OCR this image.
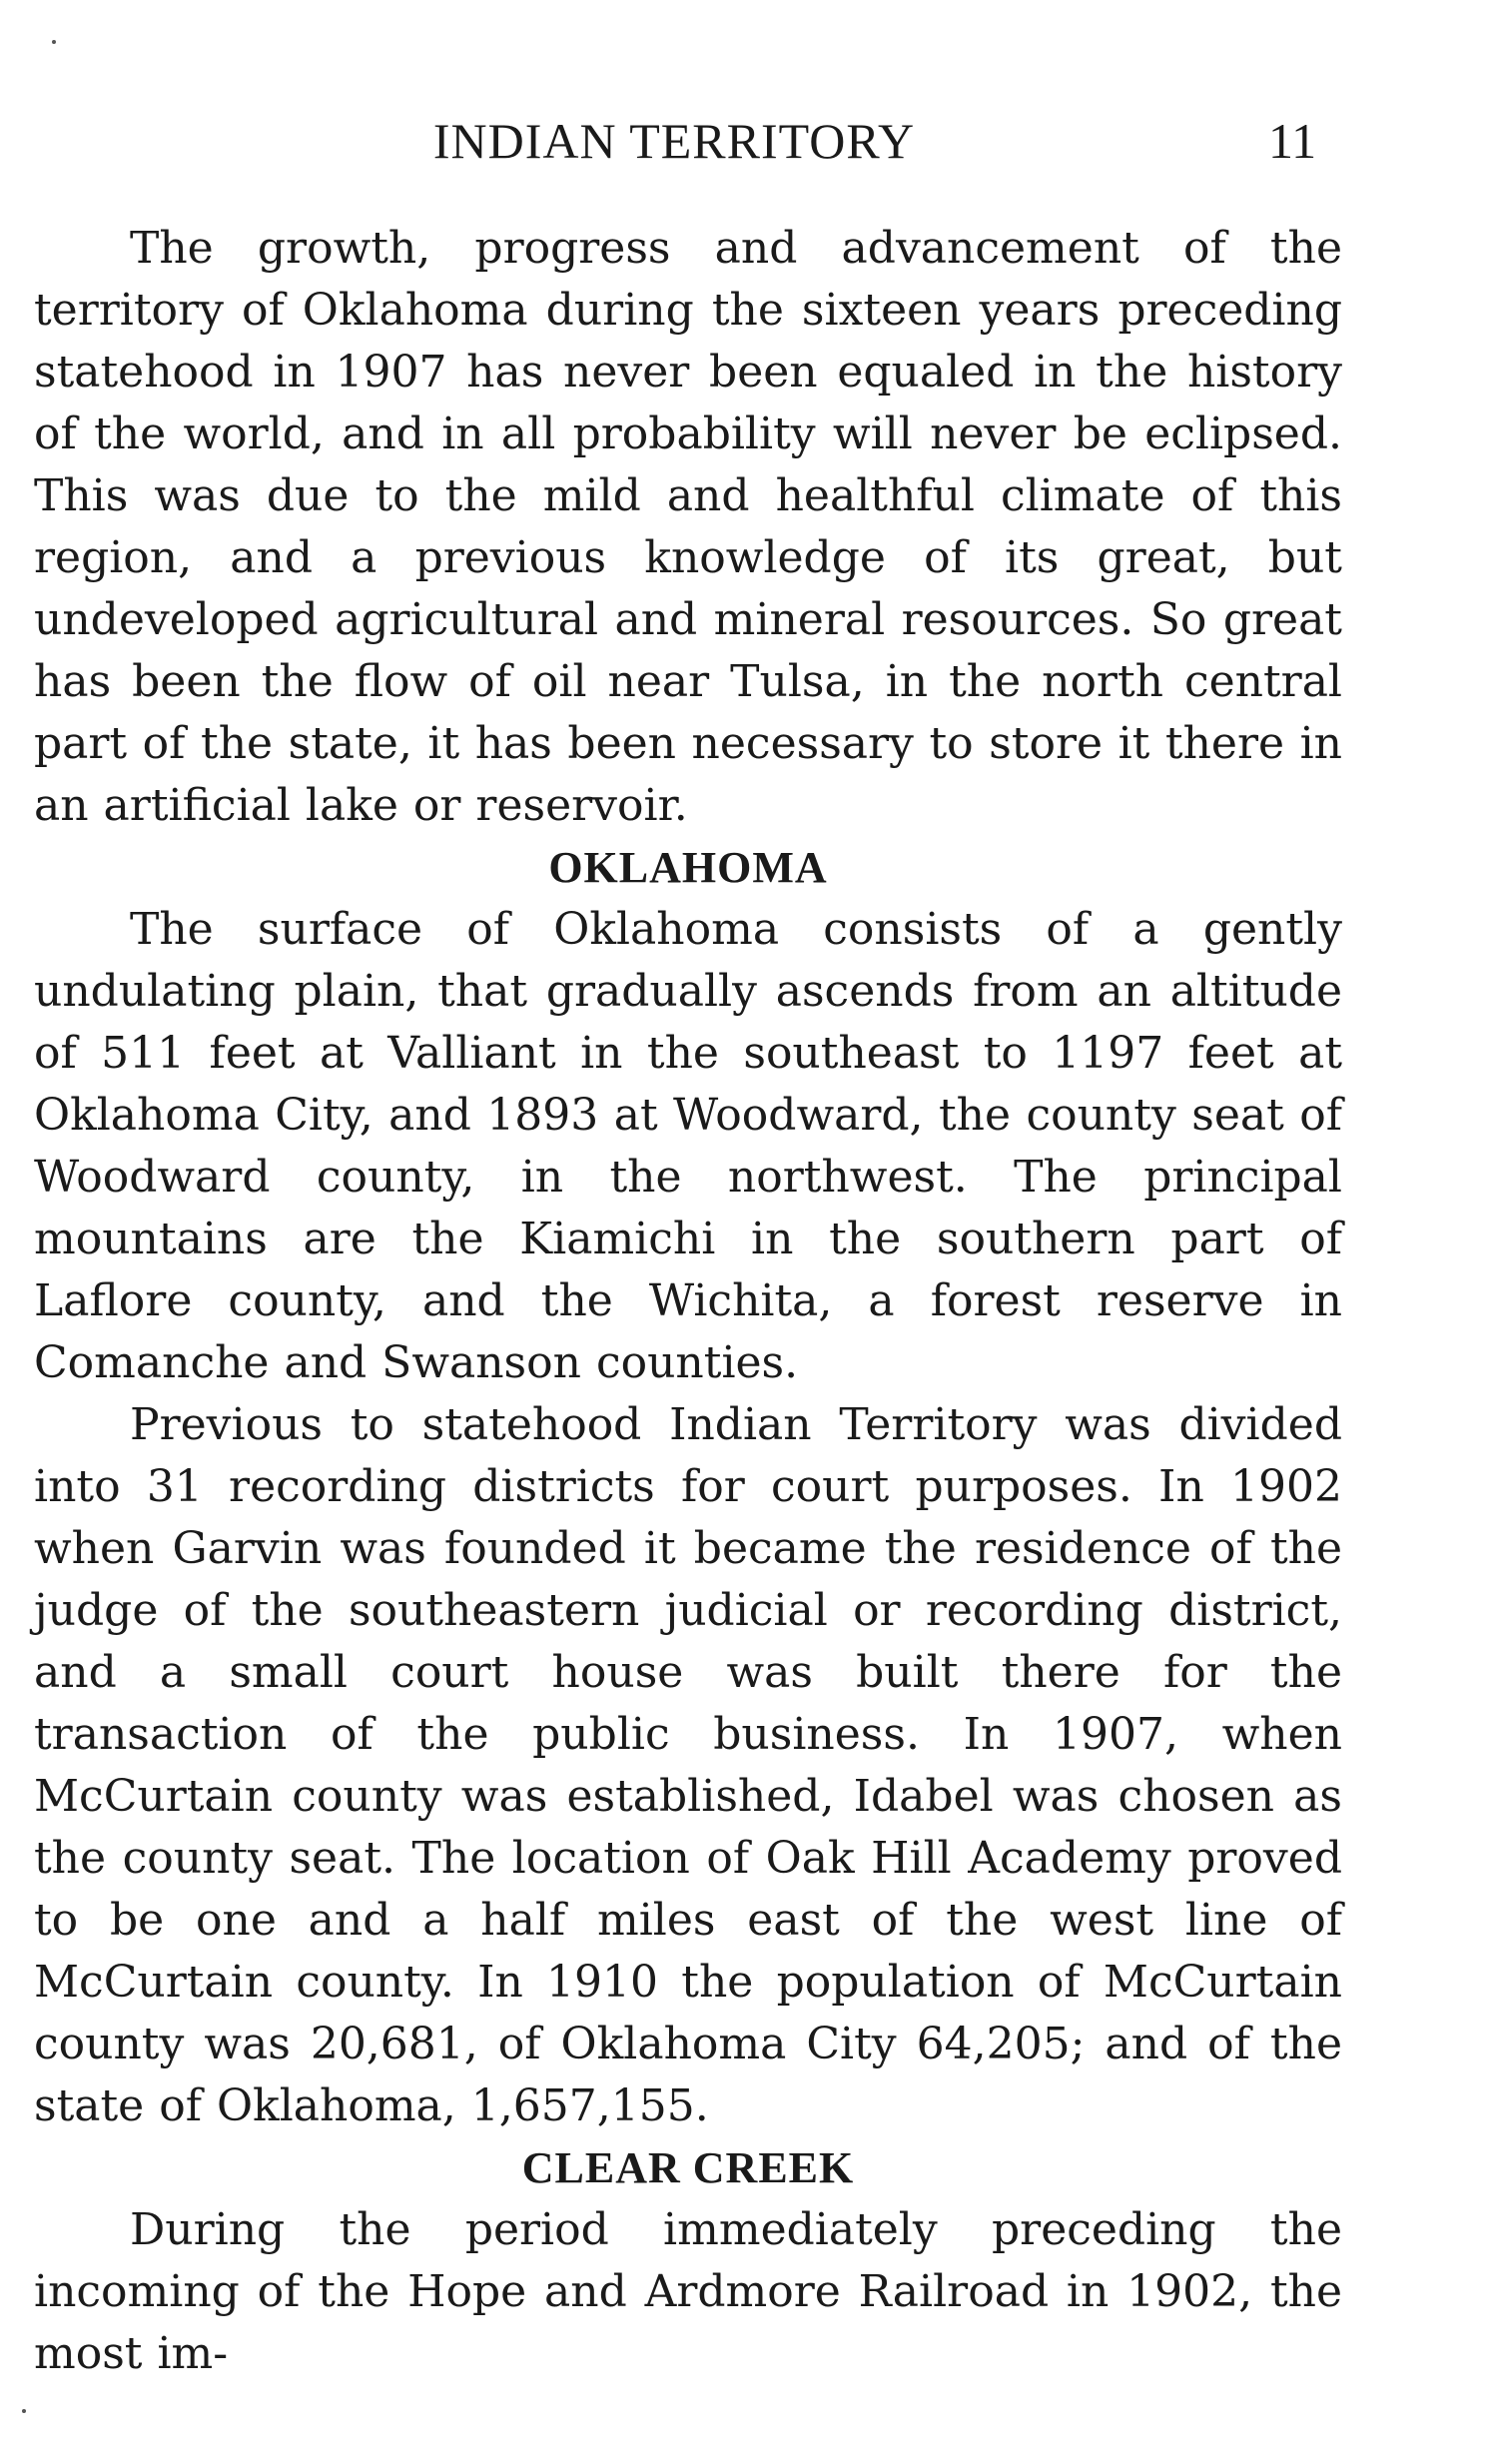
INDIAN TERRITORY	11

The growth, progress and advancement of the territory of Oklahoma during the sixteen years preceding statehood in 1907 has never been equaled in the history of the world, and in all probability will never be eclipsed. This was due to the mild and healthful climate of this region, and a previous knowledge of its great, but undeveloped agricultural and mineral resources. So great has been the flow of oil near Tulsa, in the north central part of the state, it has been necessary to store it there in an artificial lake or reservoir.

OKLAHOMA

The surface of Oklahoma consists of a gently undulating plain, that gradually ascends from an altitude of 511 feet at Valliant in the southeast to 1197 feet at Oklahoma City, and 1893 at Woodward, the county seat of Woodward county, in the northwest. The principal mountains are the Kiamichi in the southern part of Laflore county, and the Wichita, a forest reserve in Comanche and Swanson counties.

Previous to statehood Indian Territory was divided into 31 recording districts for court purposes. In 1902 when Garvin was founded it became the residence of the judge of the southeastern judicial or recording district, and a small court house was built there for the transaction of the public business. In 1907, when McCurtain county was established, Idabel was chosen as the county seat. The location of Oak Hill Academy proved to be one and a half miles east of the west line of McCurtain county. In 1910 the population of McCurtain county was 20,681, of Oklahoma City 64,205; and of the state of Oklahoma, 1,657,155.

CLEAR CREEK

During the period immediately preceding the incoming of the Hope and Ardmore Railroad in 1902, the most im-
